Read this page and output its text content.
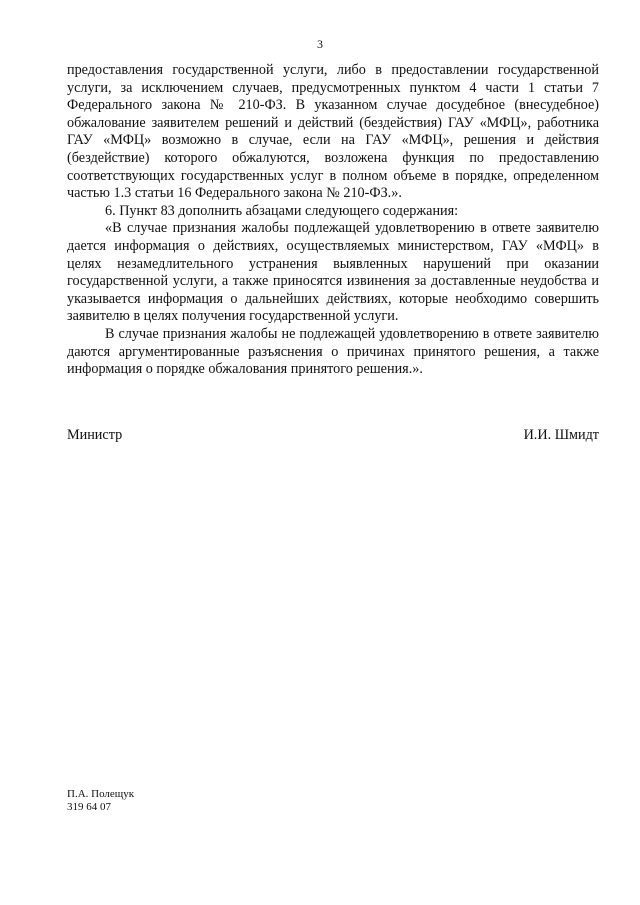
3

предоставления государственной услуги, либо в предоставлении государственной услуги, за исключением случаев, предусмотренных пунктом 4 части 1 статьи 7 Федерального закона № 210-ФЗ. В указанном случае досудебное (внесудебное) обжалование заявителем решений и действий (бездействия) ГАУ «МФЦ», работника ГАУ «МФЦ» возможно в случае, если на ГАУ «МФЦ», решения и действия (бездействие) которого обжалуются, возложена функция по предоставлению соответствующих государственных услуг в полном объеме в порядке, определенном частью 1.3 статьи 16 Федерального закона № 210-ФЗ.».

6. Пункт 83 дополнить абзацами следующего содержания:

«В случае признания жалобы подлежащей удовлетворению в ответе заявителю дается информация о действиях, осуществляемых министерством, ГАУ «МФЦ» в целях незамедлительного устранения выявленных нарушений при оказании государственной услуги, а также приносятся извинения за доставленные неудобства и указывается информация о дальнейших действиях, которые необходимо совершить заявителю в целях получения государственной услуги.

В случае признания жалобы не подлежащей удовлетворению в ответе заявителю даются аргументированные разъяснения о причинах принятого решения, а также информация о порядке обжалования принятого решения.».

Министр	И.И. Шмидт
П.А. Полещук
319 64 07
